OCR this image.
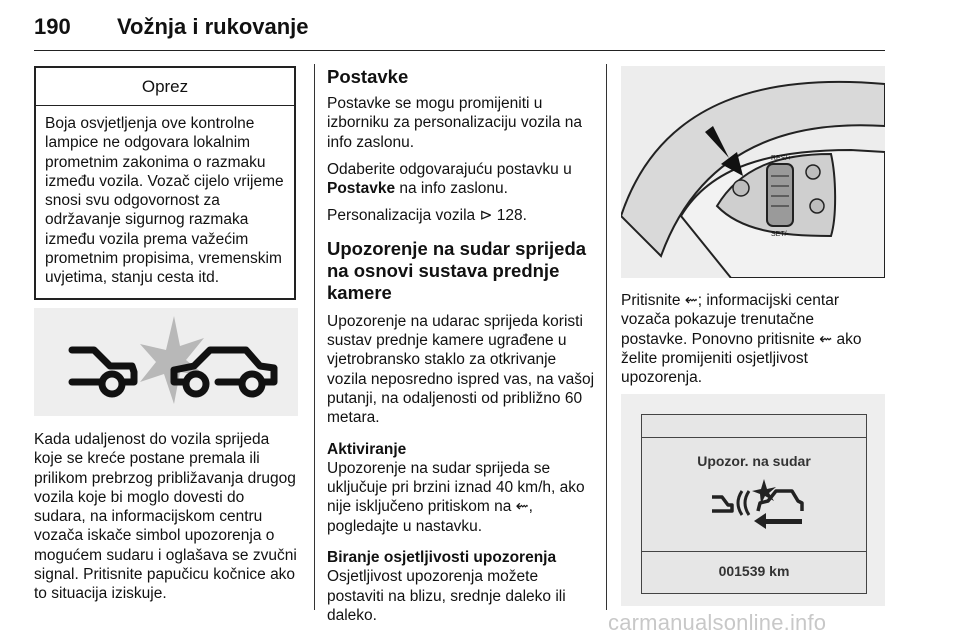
190 Vožnja i rukovanje
Oprez
Boja osvjetljenja ove kontrolne lampice ne odgovara lokalnim prometnim zakonima o razmaku između vozila. Vozač cijelo vrijeme snosi svu odgovornost za održavanje sigurnog razmaka između vozila prema važećim prometnim propisima, vremenskim uvjetima, stanju cesta itd.
Kada udaljenost do vozila sprijeda koje se kreće postane premala ili prilikom prebrzog približavanja drugog vozila koje bi moglo dovesti do sudara, na informacijskom centru vozača iskače simbol upozorenja o mogućem sudaru i oglašava se zvučni signal. Pritisnite papučicu kočnice ako to situacija iziskuje.
Postavke

Postavke se mogu promijeniti u izborniku za personalizaciju vozila na info zaslonu.

Odaberite odgovarajuću postavku u Postavke na info zaslonu.

Personalizacija vozila ⊳ 128.

Upozorenje na sudar sprijeda na osnovi sustava prednje kamere

Upozorenje na udarac sprijeda koristi sustav prednje kamere ugrađene u vjetrobransko staklo za otkrivanje vozila neposredno ispred vas, na vašoj putanji, na odaljenosti od približno 60 metara.

Aktiviranje

Upozorenje na sudar sprijeda se uključuje pri brzini iznad 40 km/h, ako nije isključeno pritiskom na ⇜, pogledajte u nastavku.

Biranje osjetljivosti upozorenja

Osjetljivost upozorenja možete postaviti na blizu, srednje daleko ili daleko.

RES/+
SET/-
Pritisnite ⇜; informacijski centar vozača pokazuje trenutačne postavke. Ponovno pritisnite ⇜ ako želite promijeniti osjetljivost upozorenja.
Upozor. na sudar
001539 km
carmanualsonline.info
